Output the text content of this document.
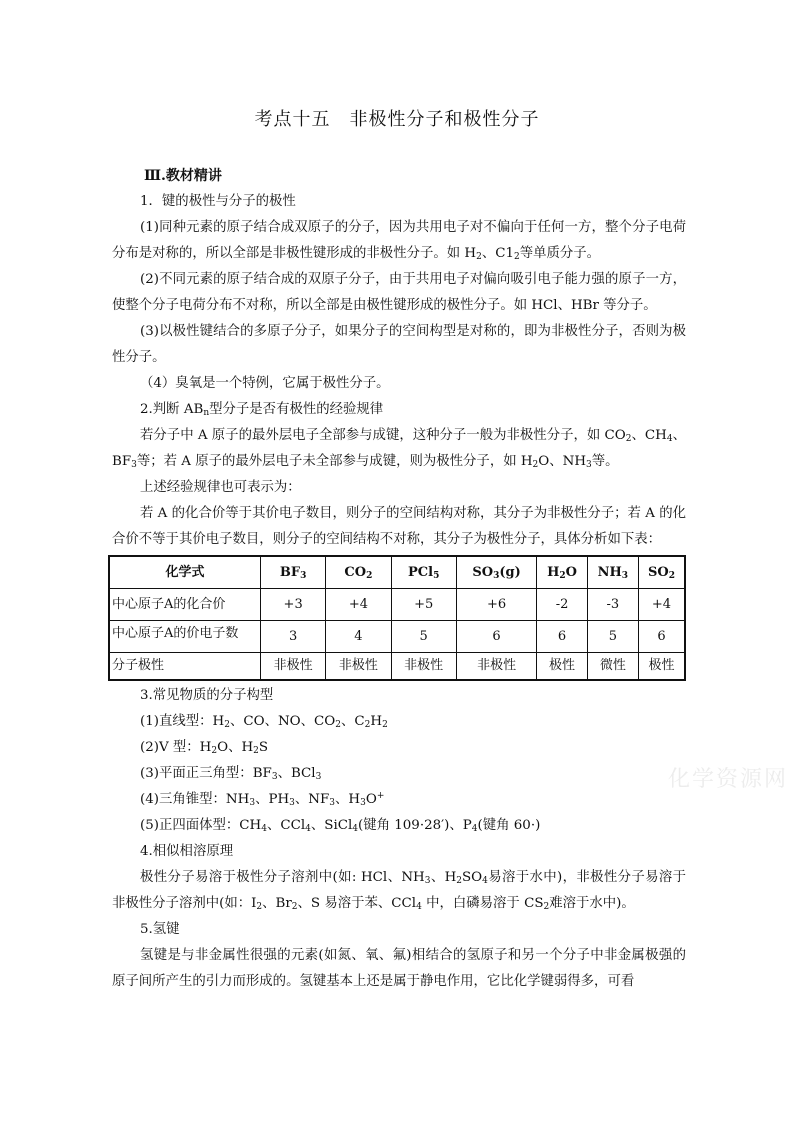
考点十五　非极性分子和极性分子
Ⅲ.教材精讲
1．键的极性与分子的极性
(1)同种元素的原子结合成双原子的分子，因为共用电子对不偏向于任何一方，整个分子电荷分布是对称的，所以全部是非极性键形成的非极性分子。如 $H_2$、$C1_2$等单质分子。
(2)不同元素的原子结合成的双原子分子，由于共用电子对偏向吸引电子能力强的原子一方，使整个分子电荷分布不对称，所以全部是由极性键形成的极性分子。如 HCl、HBr 等分子。
(3)以极性键结合的多原子分子，如果分子的空间构型是对称的，即为非极性分子，否则为极性分子。
（4）臭氧是一个特例，它属于极性分子。
2.判断 $AB_n$型分子是否有极性的经验规律
若分子中 A 原子的最外层电子全部参与成键，这种分子一般为非极性分子，如 $CO_2$、$CH_4$、$BF_3$等；若 A 原子的最外层电子未全部参与成键，则为极性分子，如 $H_2O$、$NH_3$等。
上述经验规律也可表示为：
若 A 的化合价等于其价电子数目，则分子的空间结构对称，其分子为非极性分子；若 A 的化合价不等于其价电子数目，则分子的空间结构不对称，其分子为极性分子，具体分析如下表：
化学式	$BF_3$	$CO_2$	PCl$_5$	$SO_3(g)$	$H_2O$	$NH_3$	$SO_2$
中心原子A的化合价	+3	+4	+5	+6	-2	-3	+4
中心原子A的价电子数	3	4	5	6	6	5	6
分子极性	非极性	非极性	非极性	非极性	极性	微性	极性
3.常见物质的分子构型
(1)直线型：$H_2$、CO、NO、$CO_2$、$C_2H_2$
(2)V 型：$H_2O$、$H_2S$
(3)平面正三角型：$BF_3$、BCl$_3$
(4)三角锥型：$NH_3$、$PH_3$、$NF_3$、$H_3O^+$
(5)正四面体型：$CH_4$、CCl$_4$、SiCl$_4$(键角 109·28′)、$P_4$(键角 60·)
4.相似相溶原理
极性分子易溶于极性分子溶剂中(如: HCl、$NH_3$、$H_2SO_4$易溶于水中)，非极性分子易溶于非极性分子溶剂中(如：$I_2$、$Br_2$、S 易溶于苯、CCl$_4$ 中，白磷易溶于 $CS_2$难溶于水中)。
5.氢键
氢键是与非金属性很强的元素(如氮、氧、氟)相结合的氢原子和另一个分子中非金属极强的原子间所产生的引力而形成的。氢键基本上还是属于静电作用，它比化学键弱得多，可看
化学资源网
